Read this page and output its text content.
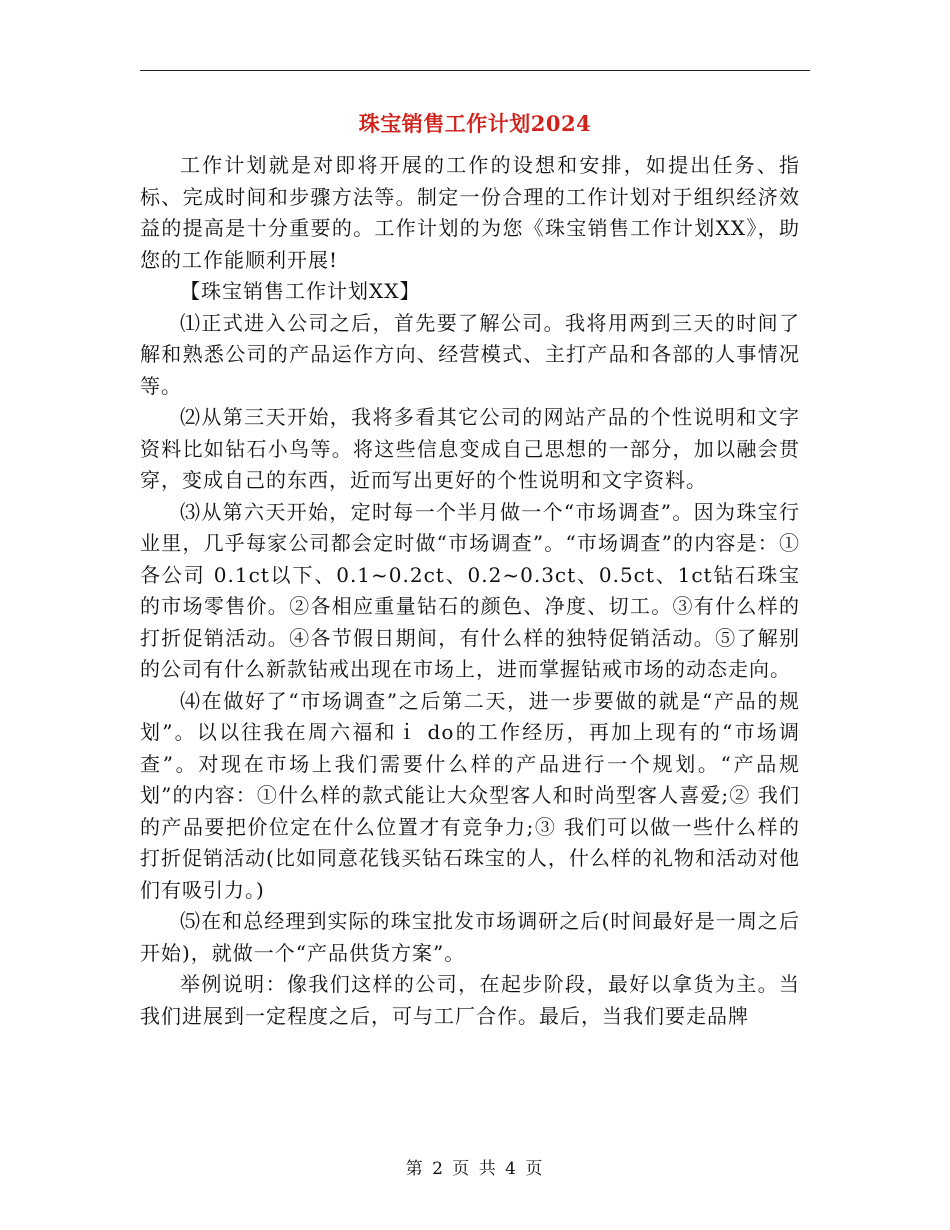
珠宝销售工作计划2024

工作计划就是对即将开展的工作的设想和安排，如提出任务、指标、完成时间和步骤方法等。制定一份合理的工作计划对于组织经济效益的提高是十分重要的。工作计划的为您《珠宝销售工作计划XX》，助您的工作能顺利开展!

【珠宝销售工作计划XX】

⑴正式进入公司之后，首先要了解公司。我将用两到三天的时间了解和熟悉公司的产品运作方向、经营模式、主打产品和各部的人事情况等。

⑵从第三天开始，我将多看其它公司的网站产品的个性说明和文字资料比如钻石小鸟等。将这些信息变成自己思想的一部分，加以融会贯穿，变成自己的东西，近而写出更好的个性说明和文字资料。

⑶从第六天开始，定时每一个半月做一个“市场调查”。因为珠宝行业里，几乎每家公司都会定时做“市场调查”。“市场调查”的内容是：①各公司 0.1ct以下、0.1~0.2ct、0.2~0.3ct、0.5ct、1ct钻石珠宝的市场零售价。②各相应重量钻石的颜色、净度、切工。③有什么样的打折促销活动。④各节假日期间，有什么样的独特促销活动。⑤了解别的公司有什么新款钻戒出现在市场上，进而掌握钻戒市场的动态走向。

⑷在做好了“市场调查”之后第二天，进一步要做的就是“产品的规划”。以以往我在周六福和ｉ do的工作经历，再加上现有的“市场调查”。对现在市场上我们需要什么样的产品进行一个规划。“产品规划”的内容：①什么样的款式能让大众型客人和时尚型客人喜爱;② 我们的产品要把价位定在什么位置才有竞争力;③ 我们可以做一些什么样的打折促销活动(比如同意花钱买钻石珠宝的人，什么样的礼物和活动对他们有吸引力。)

⑸在和总经理到实际的珠宝批发市场调研之后(时间最好是一周之后开始)，就做一个“产品供货方案”。

举例说明：像我们这样的公司，在起步阶段，最好以拿货为主。当我们进展到一定程度之后，可与工厂合作。最后，当我们要走品牌

第 2 页 共 4 页
